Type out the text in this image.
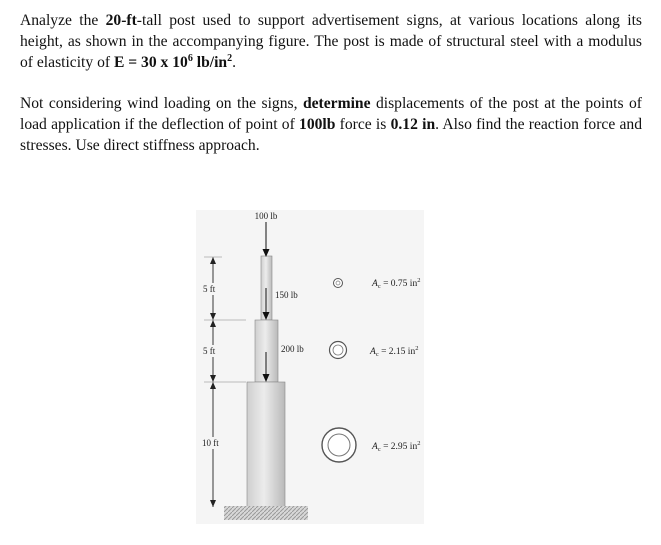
Analyze the 20-ft-tall post used to support advertisement signs, at various locations along its height, as shown in the accompanying figure. The post is made of structural steel with a modulus of elasticity of E = 30 x $10^6$ $lb/in^2$.
Not considering wind loading on the signs, determine displacements of the post at the points of load application if the deflection of point of 100lb force is 0.12 in. Also find the reaction force and stresses. Use direct stiffness approach.
100 lb
150 lb
200 lb
5 ft
5 ft
10 ft
$A_c = 0.75$ $in^2$
$A_c = 2.15$ $in^2$
$A_c = 2.95$ $in^2$
